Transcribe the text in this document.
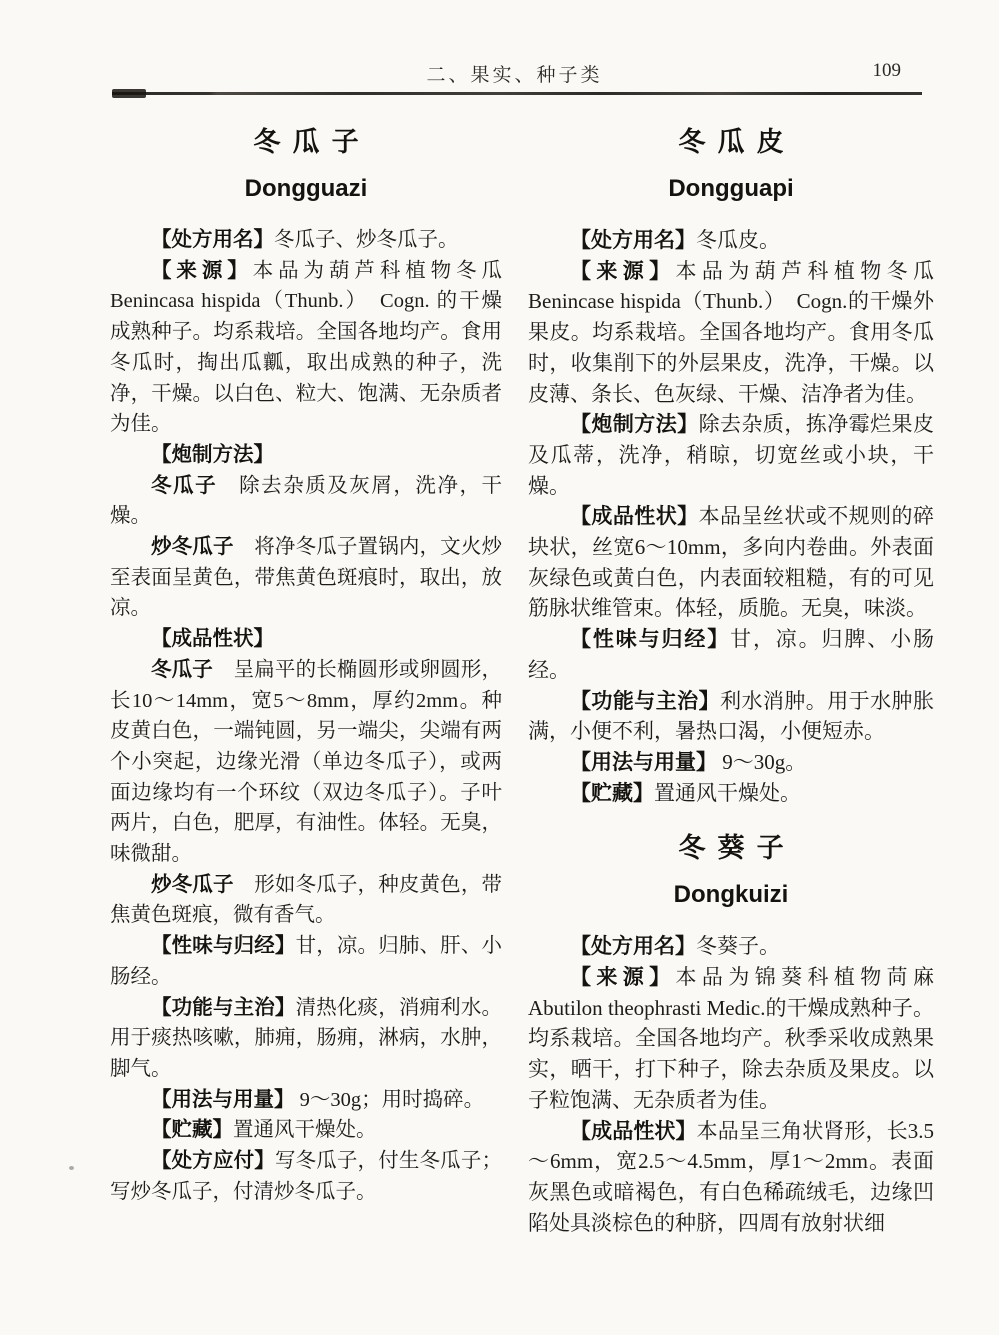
二、果实、种子类	109
冬瓜子
Dongguazi

【处方用名】冬瓜子、炒冬瓜子。

【来源】本品为葫芦科植物冬瓜 Benincasa hispida（Thunb.）　Cogn. 的干燥成熟种子。均系栽培。全国各地均产。食用冬瓜时，掏出瓜瓤，取出成熟的种子，洗净，干燥。以白色、粒大、饱满、无杂质者为佳。

【炮制方法】

冬瓜子　除去杂质及灰屑，洗净，干燥。

炒冬瓜子　将净冬瓜子置锅内，文火炒至表面呈黄色，带焦黄色斑痕时，取出，放凉。

【成品性状】

冬瓜子　呈扁平的长椭圆形或卵圆形，长10～14mm，宽5～8mm，厚约2mm。种皮黄白色，一端钝圆，另一端尖，尖端有两个小突起，边缘光滑（单边冬瓜子），或两面边缘均有一个环纹（双边冬瓜子）。子叶两片，白色，肥厚，有油性。体轻。无臭，味微甜。

炒冬瓜子　形如冬瓜子，种皮黄色，带焦黄色斑痕，微有香气。

【性味与归经】甘，凉。归肺、肝、小肠经。

【功能与主治】清热化痰，消痈利水。用于痰热咳嗽，肺痈，肠痈，淋病，水肿，脚气。

【用法与用量】 9～30g；用时捣碎。

【贮藏】置通风干燥处。

【处方应付】写冬瓜子，付生冬瓜子；写炒冬瓜子，付清炒冬瓜子。

冬瓜皮
Dongguapi

【处方用名】冬瓜皮。

【来源】本品为葫芦科植物冬瓜Benincase hispida（Thunb.）　Cogn.的干燥外果皮。均系栽培。全国各地均产。食用冬瓜时，收集削下的外层果皮，洗净，干燥。以皮薄、条长、色灰绿、干燥、洁净者为佳。

【炮制方法】除去杂质，拣净霉烂果皮及瓜蒂，洗净，稍晾，切宽丝或小块，干燥。

【成品性状】本品呈丝状或不规则的碎块状，丝宽6～10mm，多向内卷曲。外表面灰绿色或黄白色，内表面较粗糙，有的可见筋脉状维管束。体轻，质脆。无臭，味淡。

【性味与归经】甘，凉。归脾、小肠经。

【功能与主治】利水消肿。用于水肿胀满，小便不利，暑热口渴，小便短赤。

【用法与用量】 9～30g。

【贮藏】置通风干燥处。

冬葵子
Dongkuizi

【处方用名】冬葵子。

【来源】本品为锦葵科植物苘麻Abutilon theophrasti Medic.的干燥成熟种子。均系栽培。全国各地均产。秋季采收成熟果实，晒干，打下种子，除去杂质及果皮。以子粒饱满、无杂质者为佳。

【成品性状】本品呈三角状肾形，长3.5～6mm，宽2.5～4.5mm，厚1～2mm。表面灰黑色或暗褐色，有白色稀疏绒毛，边缘凹陷处具淡棕色的种脐，四周有放射状细
